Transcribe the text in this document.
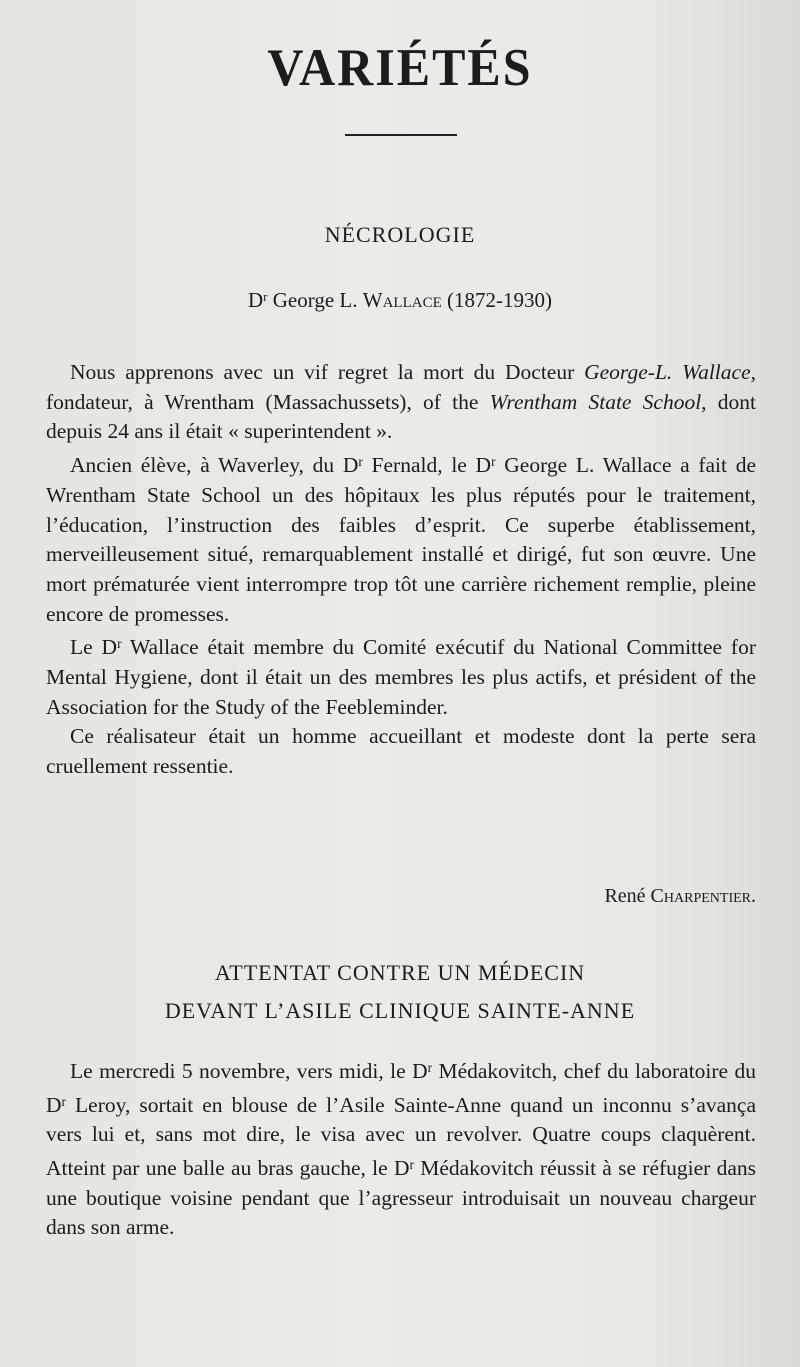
VARIÉTÉS
NÉCROLOGIE
$D^r$ George L. Wallace (1872-1930)

Nous apprenons avec un vif regret la mort du Docteur George-L. Wallace, fondateur, à Wrentham (Massachussets), of the Wrentham State School, dont depuis 24 ans il était « superintendent ».

Ancien élève, à Waverley, du $D^r$ Fernald, le $D^r$ George L. Wallace a fait de Wrentham State School un des hôpitaux les plus réputés pour le traitement, l’éducation, l’instruction des faibles d’esprit. Ce superbe établissement, merveilleusement situé, remarquablement installé et dirigé, fut son œuvre. Une mort prématurée vient interrompre trop tôt une carrière richement remplie, pleine encore de promesses.

Le $D^r$ Wallace était membre du Comité exécutif du National Committee for Mental Hygiene, dont il était un des membres les plus actifs, et président of the Association for the Study of the Feebleminder.

Ce réalisateur était un homme accueillant et modeste dont la perte sera cruellement ressentie.

René Charpentier.
ATTENTAT CONTRE UN MÉDECIN
DEVANT L’ASILE CLINIQUE SAINTE-ANNE

Le mercredi 5 novembre, vers midi, le $D^r$ Médakovitch, chef du laboratoire du $D^r$ Leroy, sortait en blouse de l’Asile Sainte-Anne quand un inconnu s’avança vers lui et, sans mot dire, le visa avec un revolver. Quatre coups claquèrent. Atteint par une balle au bras gauche, le $D^r$ Médakovitch réussit à se réfugier dans une boutique voisine pendant que l’agresseur introduisait un nouveau chargeur dans son arme.
